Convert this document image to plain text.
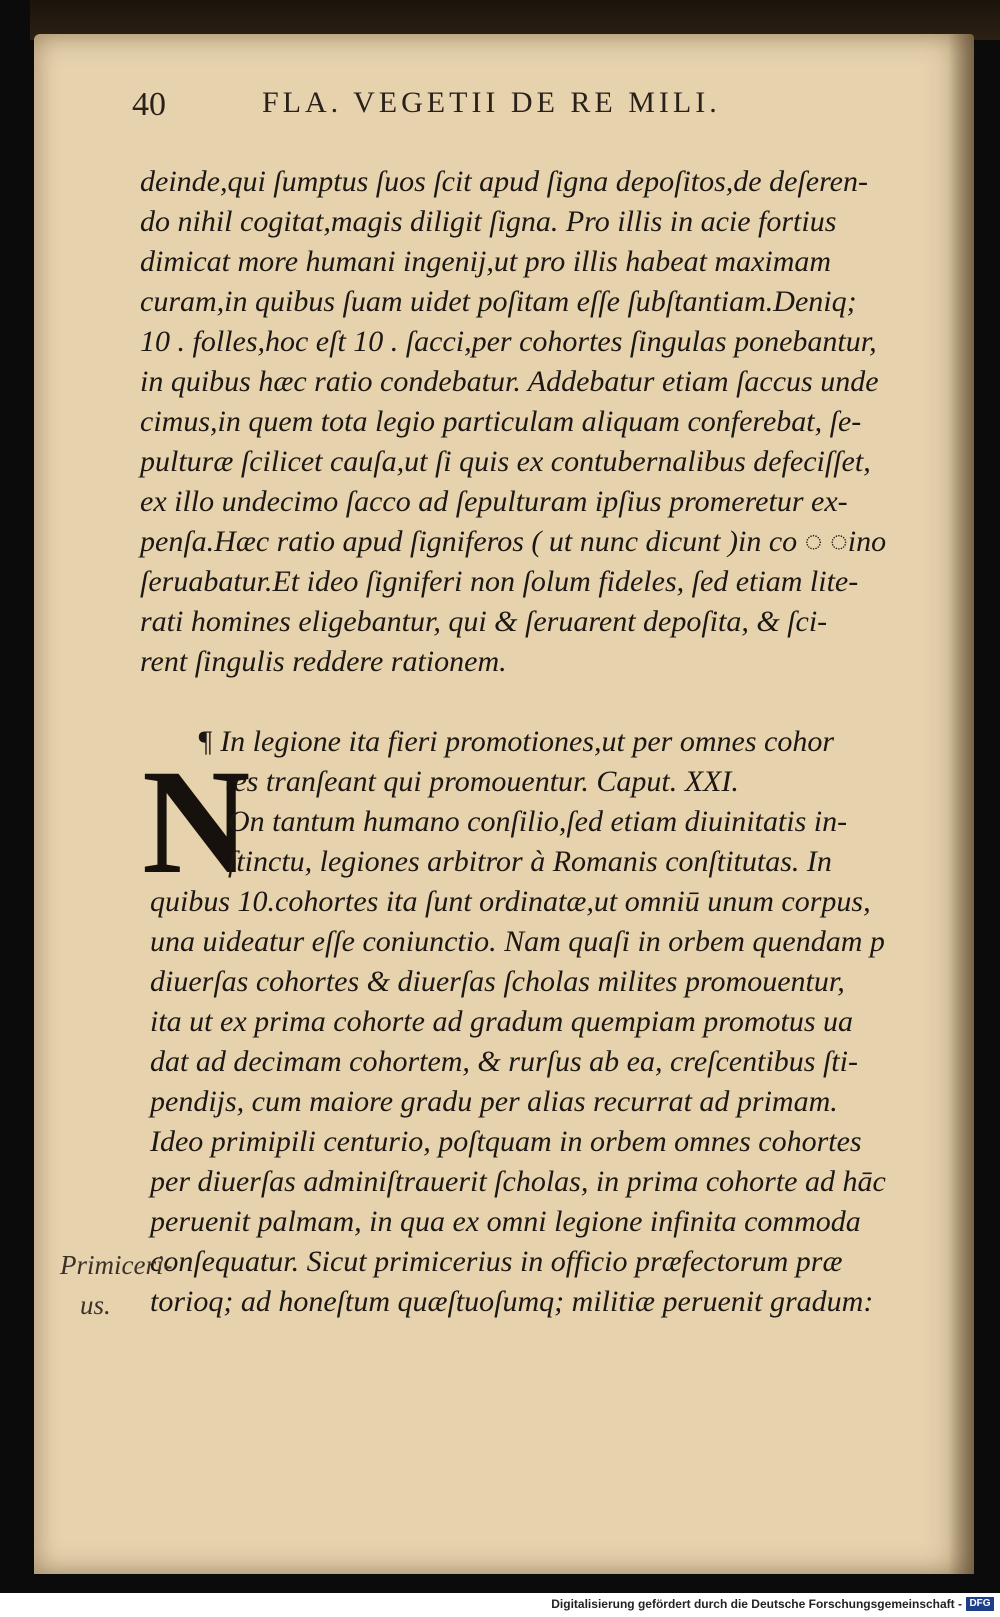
40	FLA. VEGETII DE RE MILI.
deinde,qui ſumptus ſuos ſcit apud ſigna depoſitos,de deſeren-
do nihil cogitat,magis diligit ſigna. Pro illis in acie fortius
dimicat more humani ingenij,ut pro illis habeat maximam
curam,in quibus ſuam uidet poſitam eſſe ſubſtantiam.Deniq;
10 . folles,hoc eſt 10 . ſacci,per cohortes ſingulas ponebantur,
in quibus hæc ratio condebatur. Addebatur etiam ſaccus unde
cimus,in quem tota legio particulam aliquam conferebat, ſe-
pulturæ ſcilicet cauſa,ut ſi quis ex contubernalibus defeciſſet,
ex illo undecimo ſacco ad ſepulturam ipſius promeretur ex-
penſa.Hæc ratio apud ſigniferos ( ut nunc dicunt )in co ◌ ◌ino
ſeruabatur.Et ideo ſigniferi non ſolum fideles, ſed etiam lite-
rati homines eligebantur, qui & ſeruarent depoſita, & ſci-
rent ſingulis reddere rationem.
¶ In legione ita fieri promotiones,ut per omnes cohor
tes tranſeant qui promouentur. Caput. XXI.
N
On tantum humano conſilio,ſed etiam diuinitatis in-
ſtinctu, legiones arbitror à Romanis conſtitutas. In
quibus 10.cohortes ita ſunt ordinatæ,ut omniū unum corpus,
una uideatur eſſe coniunctio. Nam quaſi in orbem quendam p
diuerſas cohortes & diuerſas ſcholas milites promouentur,
ita ut ex prima cohorte ad gradum quempiam promotus ua
dat ad decimam cohortem, & rurſus ab ea, creſcentibus ſti-
pendijs, cum maiore gradu per alias recurrat ad primam.
Ideo primipili centurio, poſtquam in orbem omnes cohortes
per diuerſas adminiſtrauerit ſcholas, in prima cohorte ad hāc
peruenit palmam, in qua ex omni legione infinita commoda
conſequatur. Sicut primicerius in officio præfectorum præ
torioq; ad honeſtum quæſtuoſumq; militiæ peruenit gradum:
Primiceri-
us.
Digitalisierung gefördert durch die Deutsche Forschungsgemeinschaft - DFG
